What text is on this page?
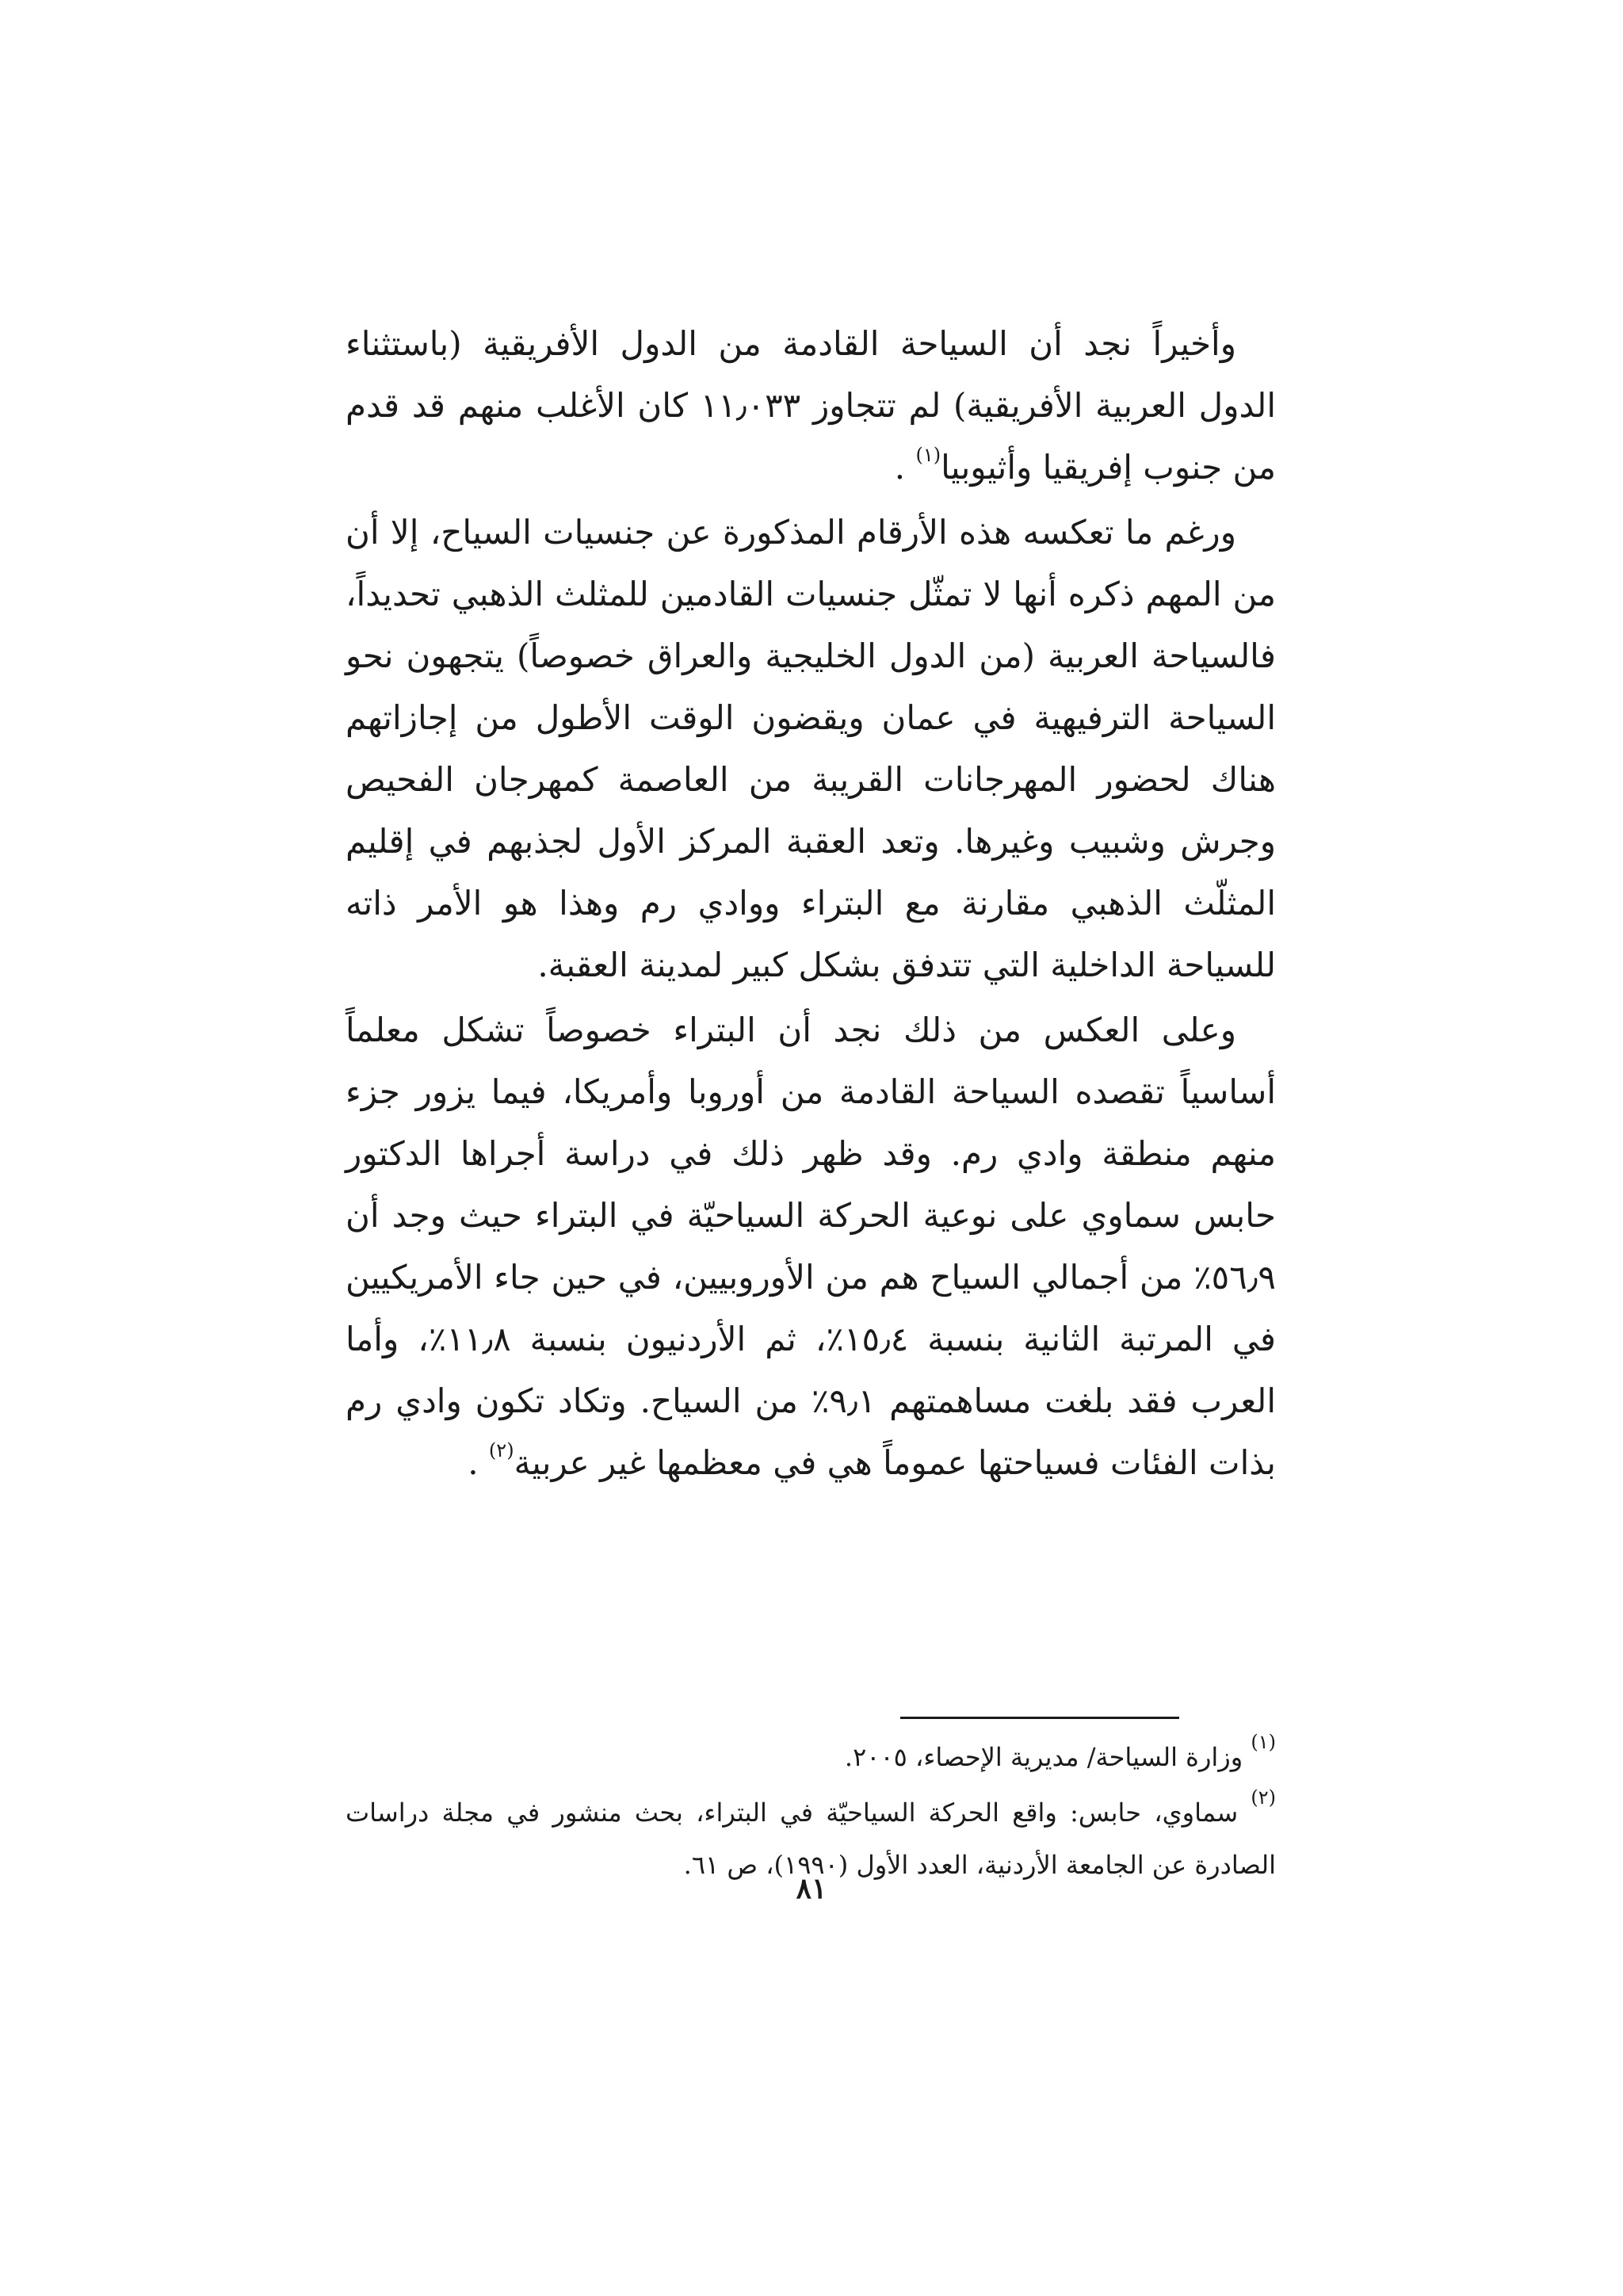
وأخيراً نجد أن السياحة القادمة من الدول الأفريقية (باستثناء الدول العربية الأفريقية) لم تتجاوز ١١٫٠٣٣ كان الأغلب منهم قد قدم من جنوب إفريقيا وأثيوبيا$^{(١)}$ .

ورغم ما تعكسه هذه الأرقام المذكورة عن جنسيات السياح، إلا أن من المهم ذكره أنها لا تمثّل جنسيات القادمين للمثلث الذهبي تحديداً، فالسياحة العربية (من الدول الخليجية والعراق خصوصاً) يتجهون نحو السياحة الترفيهية في عمان ويقضون الوقت الأطول من إجازاتهم هناك لحضور المهرجانات القريبة من العاصمة كمهرجان الفحيص وجرش وشبيب وغيرها. وتعد العقبة المركز الأول لجذبهم في إقليم المثلّث الذهبي مقارنة مع البتراء ووادي رم وهذا هو الأمر ذاته للسياحة الداخلية التي تتدفق بشكل كبير لمدينة العقبة.

وعلى العكس من ذلك نجد أن البتراء خصوصاً تشكل معلماً أساسياً تقصده السياحة القادمة من أوروبا وأمريكا، فيما يزور جزء منهم منطقة وادي رم. وقد ظهر ذلك في دراسة أجراها الدكتور حابس سماوي على نوعية الحركة السياحيّة في البتراء حيث وجد أن ٥٦٫٩٪ من أجمالي السياح هم من الأوروبيين، في حين جاء الأمريكيين في المرتبة الثانية بنسبة ١٥٫٤٪، ثم الأردنيون بنسبة ١١٫٨٪، وأما العرب فقد بلغت مساهمتهم ٩٫١٪ من السياح. وتكاد تكون وادي رم بذات الفئات فسياحتها عموماً هي في معظمها غير عربية$^{(٢)}$ .

$^{(١)}$ وزارة السياحة/ مديرية الإحصاء، ٢٠٠٥.

$^{(٢)}$ سماوي، حابس: واقع الحركة السياحيّة في البتراء، بحث منشور في مجلة دراسات الصادرة عن الجامعة الأردنية، العدد الأول (١٩٩٠)، ص ٦١.

٨١
